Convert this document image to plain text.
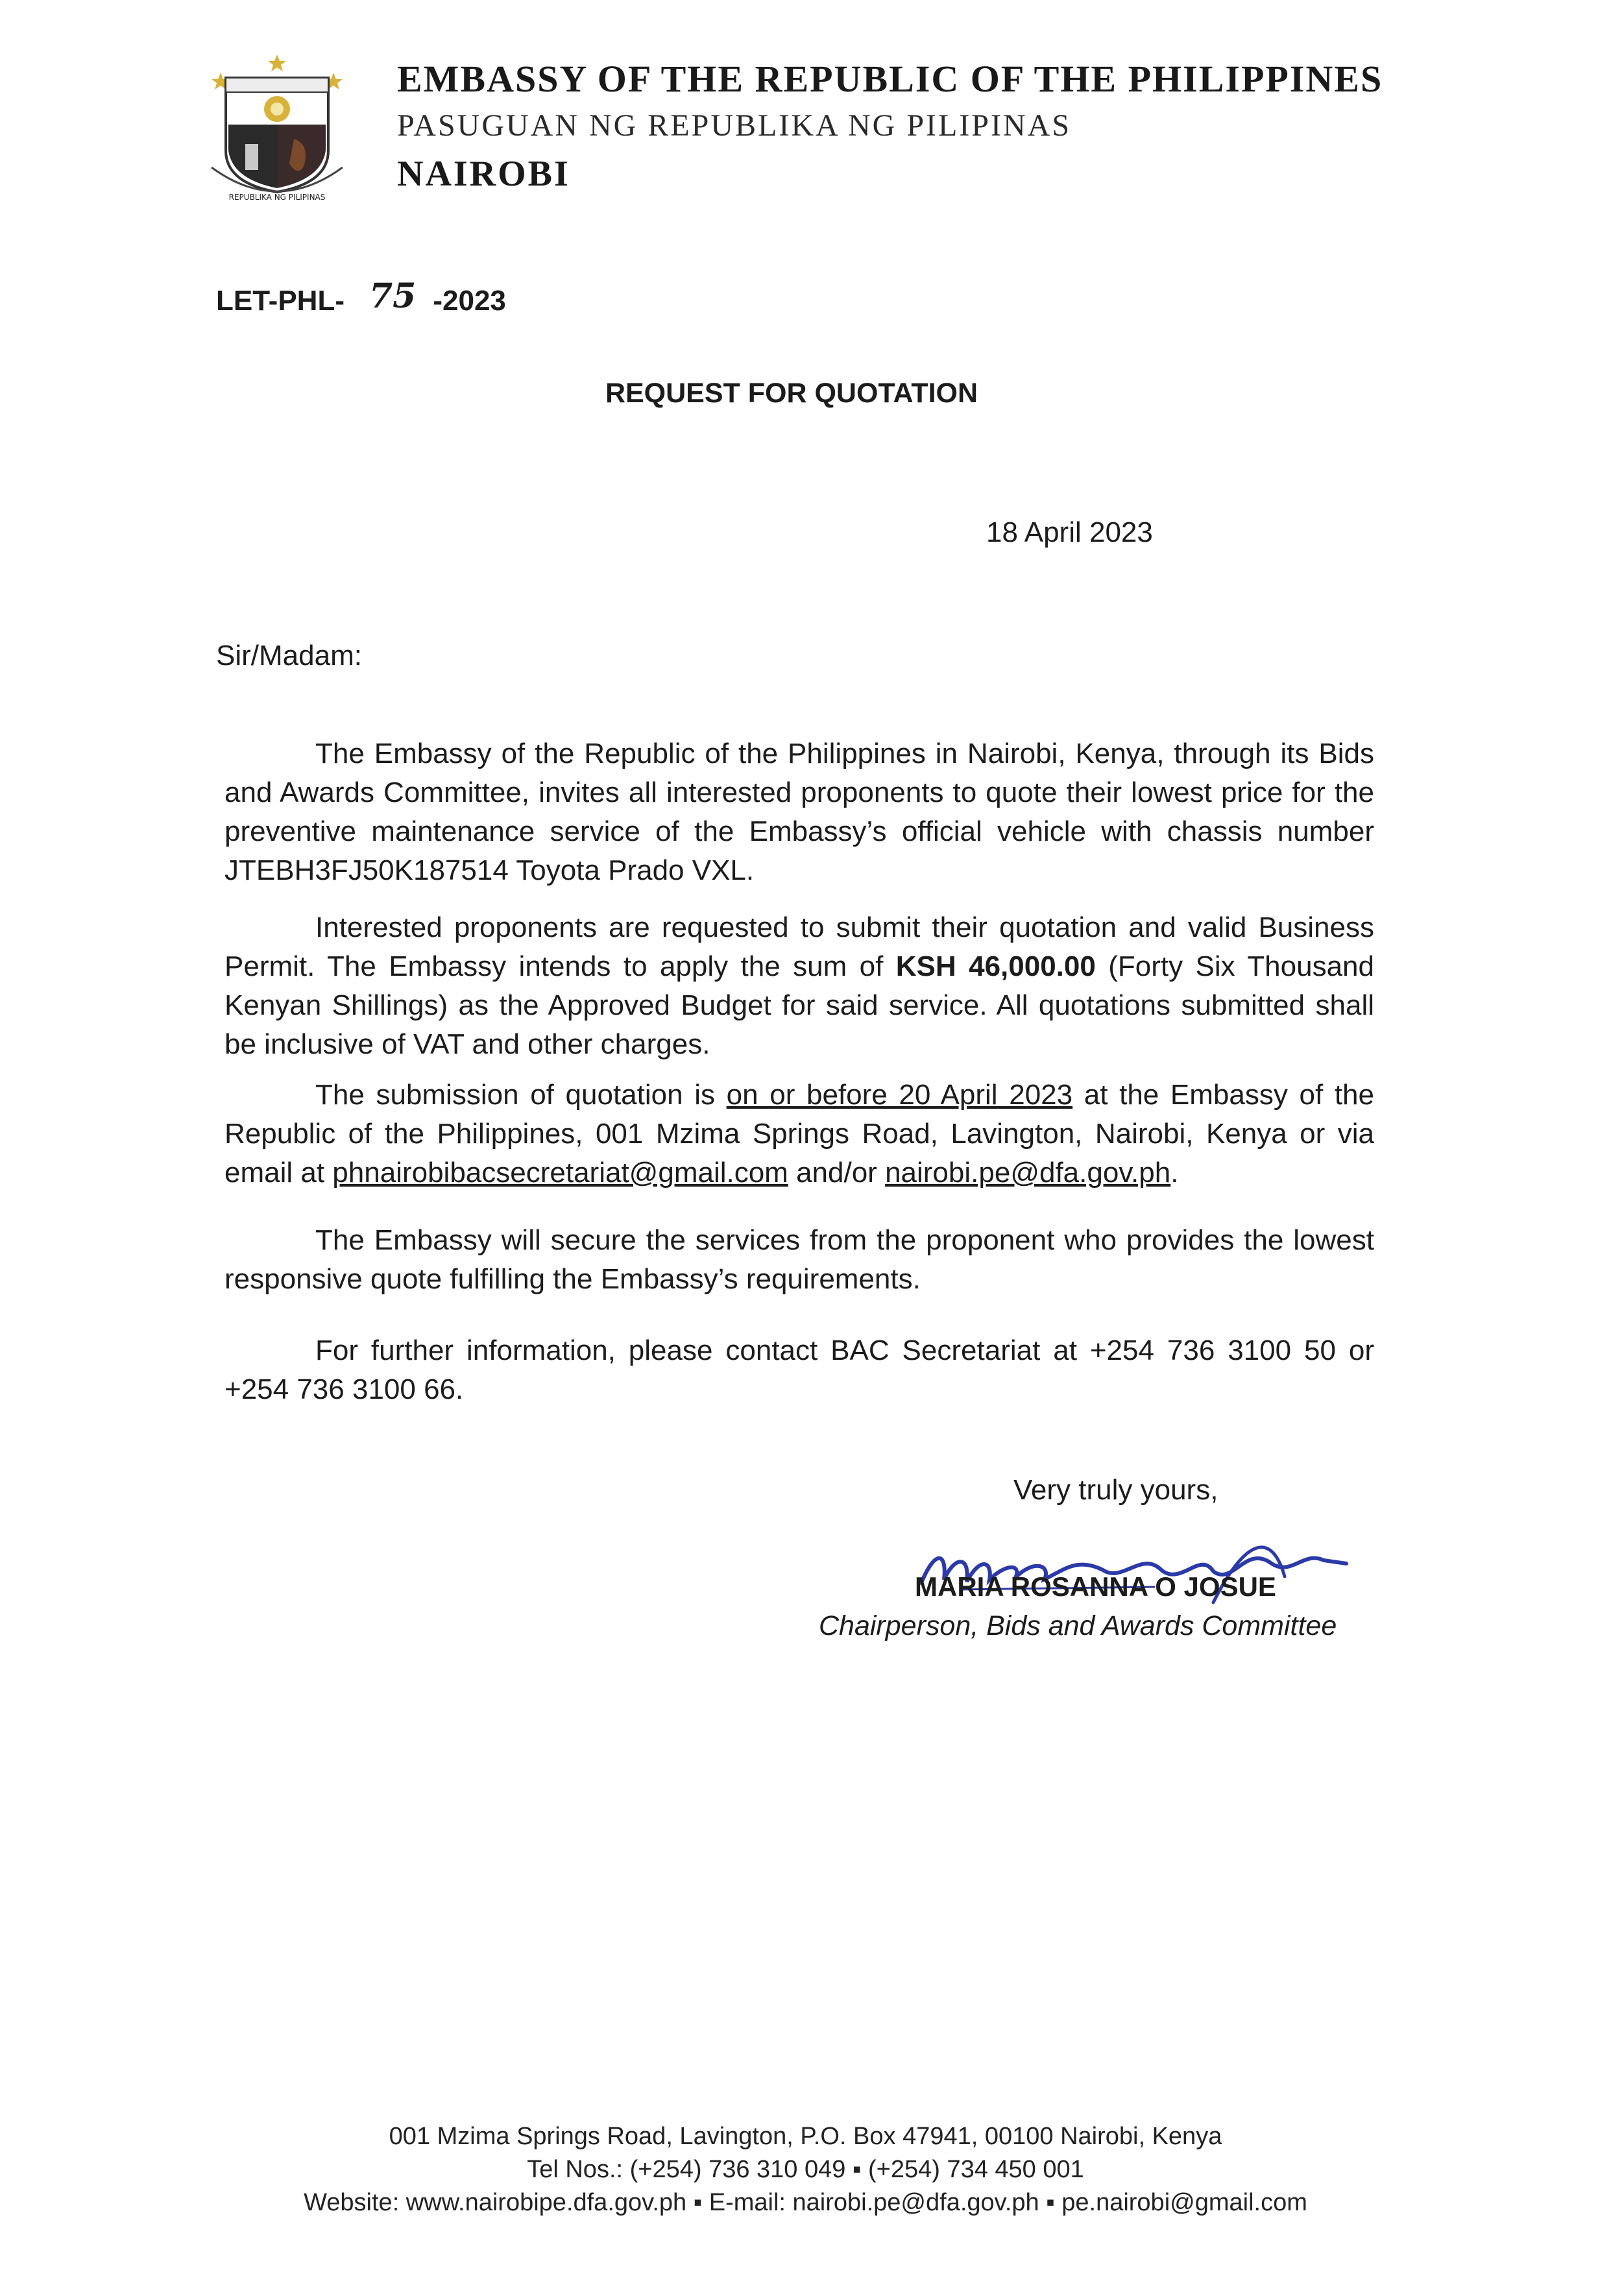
REPUBLIKA NG PILIPINAS
EMBASSY OF THE REPUBLIC OF THE PHILIPPINES
PASUGUAN NG REPUBLIKA NG PILIPINAS
NAIROBI
LET-PHL- 75 -2023
REQUEST FOR QUOTATION
18 April 2023
Sir/Madam:
The Embassy of the Republic of the Philippines in Nairobi, Kenya, through its Bids and Awards Committee, invites all interested proponents to quote their lowest price for the preventive maintenance service of the Embassy’s official vehicle with chassis number JTEBH3FJ50K187514 Toyota Prado VXL.
Interested proponents are requested to submit their quotation and valid Business Permit. The Embassy intends to apply the sum of KSH 46,000.00 (Forty Six Thousand Kenyan Shillings) as the Approved Budget for said service. All quotations submitted shall be inclusive of VAT and other charges.
The submission of quotation is on or before 20 April 2023 at the Embassy of the Republic of the Philippines, 001 Mzima Springs Road, Lavington, Nairobi, Kenya or via email at phnairobibacsecretariat@gmail.com and/or nairobi.pe@dfa.gov.ph.
The Embassy will secure the services from the proponent who provides the lowest responsive quote fulfilling the Embassy’s requirements.
For further information, please contact BAC Secretariat at +254 736 3100 50 or +254 736 3100 66.
Very truly yours,
MARIA ROSANNA O JOSUE
Chairperson, Bids and Awards Committee
001 Mzima Springs Road, Lavington, P.O. Box 47941, 00100 Nairobi, Kenya
Tel Nos.: (+254) 736 310 049 ▪ (+254) 734 450 001
Website: www.nairobipe.dfa.gov.ph ▪ E-mail: nairobi.pe@dfa.gov.ph ▪ pe.nairobi@gmail.com
